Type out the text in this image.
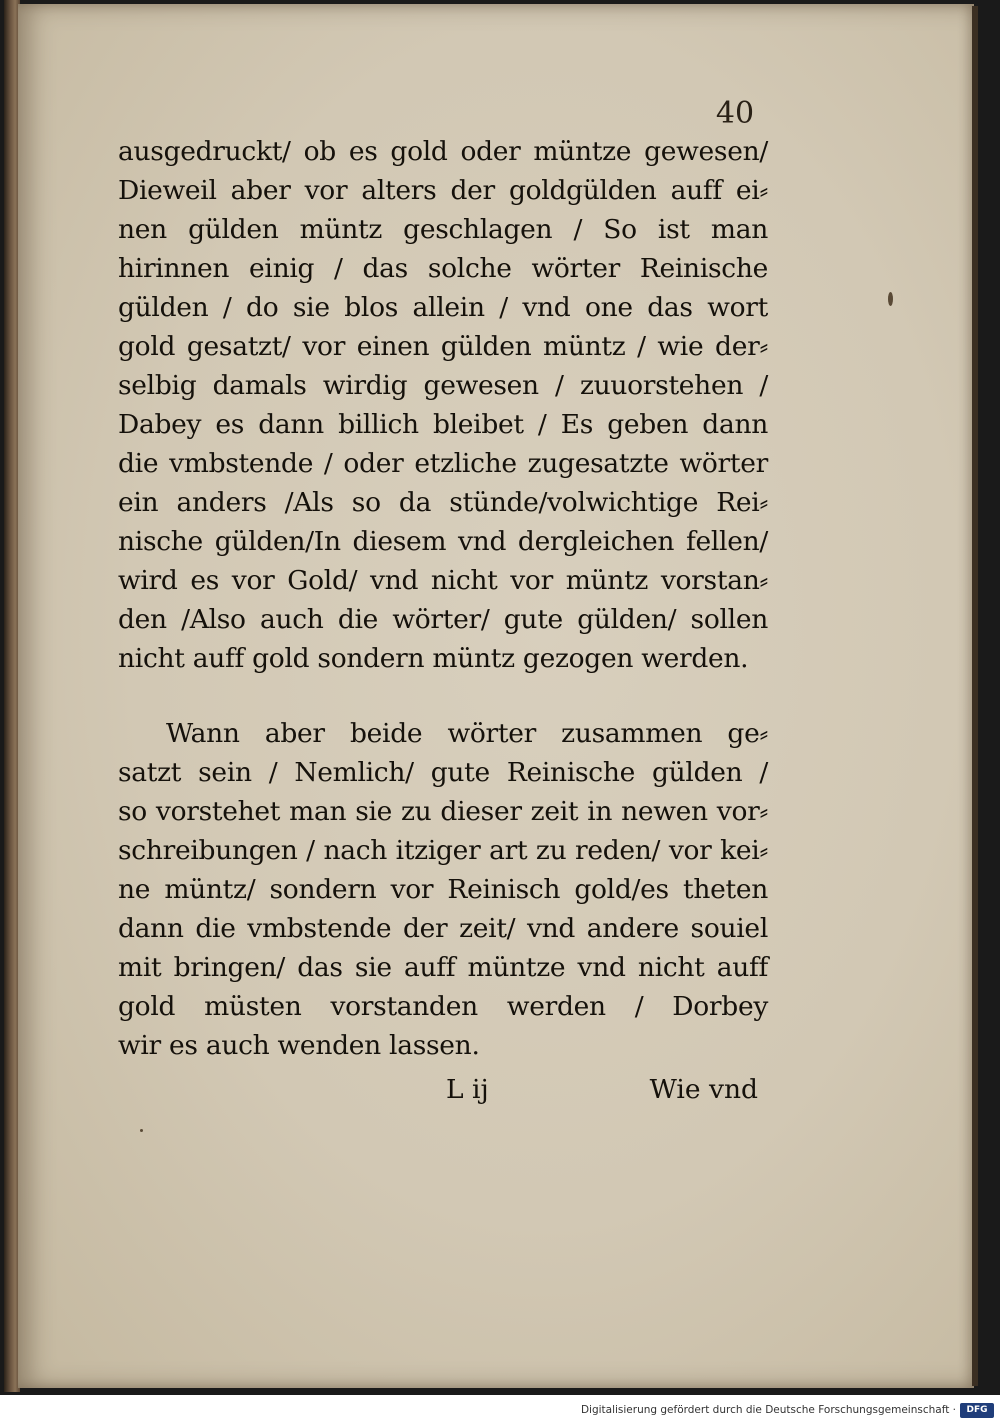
40
ausgedruckt/ ob es gold oder müntze gewesen/
Dieweil aber vor alters der goldgülden auff ei⸗
nen gülden müntz geschlagen / So ist man
hirinnen einig / das solche wörter Reinische
gülden / do sie blos allein / vnd one das wort
gold gesatzt/ vor einen gülden müntz / wie der⸗
selbig damals wirdig gewesen / zuuorstehen /
Dabey es dann billich bleibet / Es geben dann
die vmbstende / oder etzliche zugesatzte wörter
ein anders /Als so da stünde/volwichtige Rei⸗
nische gülden/In diesem vnd dergleichen fellen/
wird es vor Gold/ vnd nicht vor müntz vorstan⸗
den /Also auch die wörter/ gute gülden/ sollen
nicht auff gold sondern müntz gezogen werden.
Wann aber beide wörter zusammen ge⸗
satzt sein / Nemlich/ gute Reinische gülden /
so vorstehet man sie zu dieser zeit in newen vor⸗
schreibungen / nach itziger art zu reden/ vor kei⸗
ne müntz/ sondern vor Reinisch gold/es theten
dann die vmbstende der zeit/ vnd andere souiel
mit bringen/ das sie auff müntze vnd nicht auff
gold müsten vorstanden werden / Dorbey
wir es auch wenden lassen.
L ij	Wie vnd
Digitalisierung gefördert durch die Deutsche Forschungsgemeinschaft ·	DFG
